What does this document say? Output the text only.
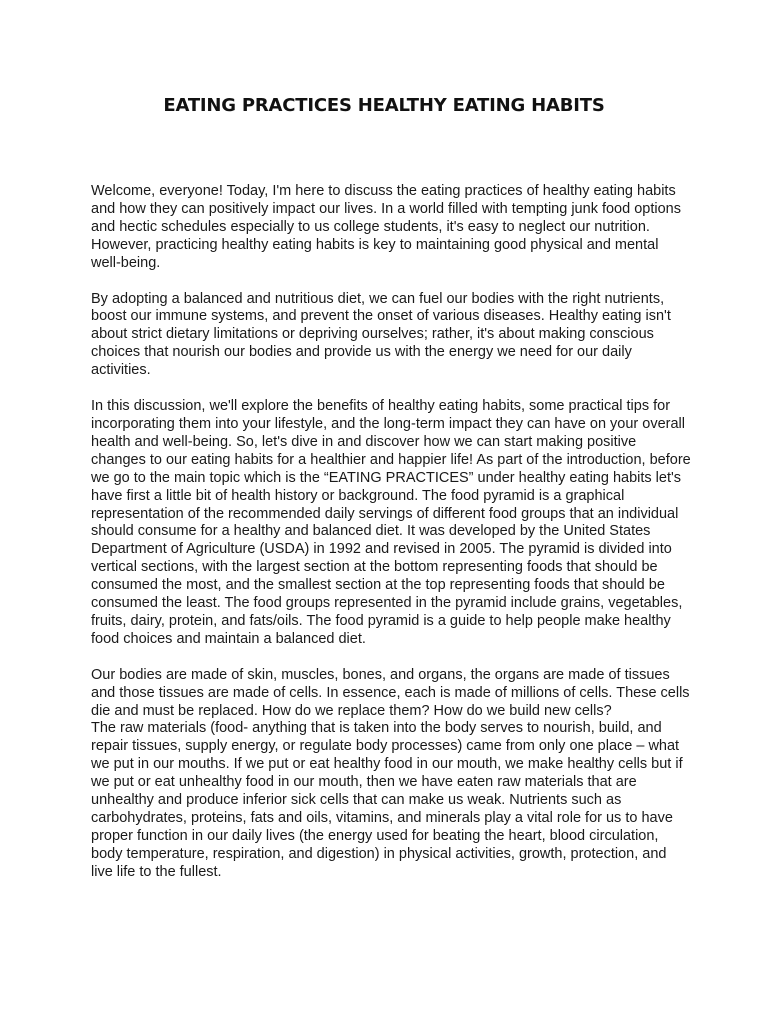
EATING PRACTICES HEALTHY EATING HABITS

Welcome, everyone! Today, I'm here to discuss the eating practices of healthy eating habits and how they can positively impact our lives. In a world filled with tempting junk food options and hectic schedules especially to us college students, it's easy to neglect our nutrition. However, practicing healthy eating habits is key to maintaining good physical and mental well-being.

By adopting a balanced and nutritious diet, we can fuel our bodies with the right nutrients, boost our immune systems, and prevent the onset of various diseases. Healthy eating isn't about strict dietary limitations or depriving ourselves; rather, it's about making conscious choices that nourish our bodies and provide us with the energy we need for our daily activities.

In this discussion, we'll explore the benefits of healthy eating habits, some practical tips for incorporating them into your lifestyle, and the long-term impact they can have on your overall health and well-being. So, let's dive in and discover how we can start making positive changes to our eating habits for a healthier and happier life! As part of the introduction, before we go to the main topic which is the “EATING PRACTICES” under healthy eating habits let's have first a little bit of health history or background. The food pyramid is a graphical representation of the recommended daily servings of different food groups that an individual should consume for a healthy and balanced diet. It was developed by the United States Department of Agriculture (USDA) in 1992 and revised in 2005. The pyramid is divided into vertical sections, with the largest section at the bottom representing foods that should be consumed the most, and the smallest section at the top representing foods that should be consumed the least. The food groups represented in the pyramid include grains, vegetables, fruits, dairy, protein, and fats/oils. The food pyramid is a guide to help people make healthy food choices and maintain a balanced diet.

Our bodies are made of skin, muscles, bones, and organs, the organs are made of tissues and those tissues are made of cells. In essence, each is made of millions of cells. These cells die and must be replaced. How do we replace them? How do we build new cells?

The raw materials (food- anything that is taken into the body serves to nourish, build, and repair tissues, supply energy, or regulate body processes) came from only one place – what we put in our mouths. If we put or eat healthy food in our mouth, we make healthy cells but if we put or eat unhealthy food in our mouth, then we have eaten raw materials that are unhealthy and produce inferior sick cells that can make us weak. Nutrients such as carbohydrates, proteins, fats and oils, vitamins, and minerals play a vital role for us to have proper function in our daily lives (the energy used for beating the heart, blood circulation, body temperature, respiration, and digestion) in physical activities, growth, protection, and live life to the fullest.
